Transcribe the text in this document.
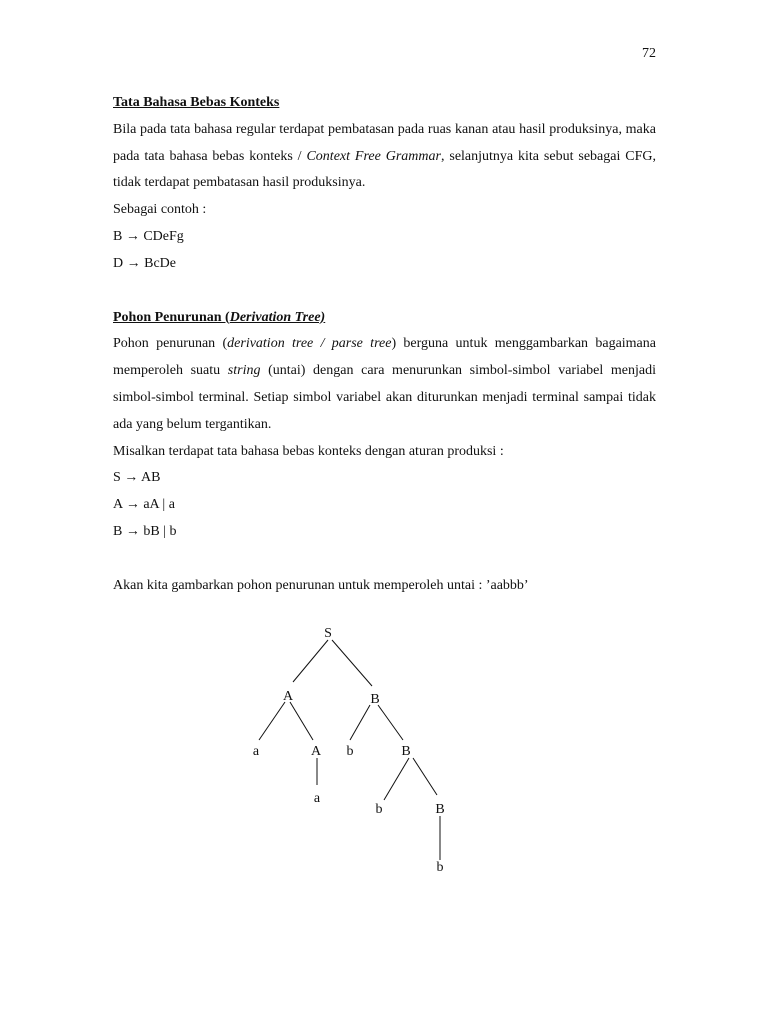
72

Tata Bahasa Bebas Konteks

Bila pada tata bahasa regular terdapat pembatasan pada ruas kanan atau hasil produksinya, maka pada tata bahasa bebas konteks / Context Free Grammar, selanjutnya kita sebut sebagai CFG, tidak terdapat pembatasan hasil produksinya.

Sebagai contoh :

B → CDeFg

D → BcDe

Pohon Penurunan (Derivation Tree)

Pohon penurunan (derivation tree / parse tree) berguna untuk menggambarkan bagaimana memperoleh suatu string (untai) dengan cara menurunkan simbol-simbol variabel menjadi simbol-simbol terminal. Setiap simbol variabel akan diturunkan menjadi terminal sampai tidak ada yang belum tergantikan.

Misalkan terdapat tata bahasa bebas konteks dengan aturan produksi :

S → AB

A → aA | a

B → bB | b

Akan kita gambarkan pohon penurunan untuk memperoleh untai : ’aabbb’

S
A	B
a	A b	B
a
b	B
b
